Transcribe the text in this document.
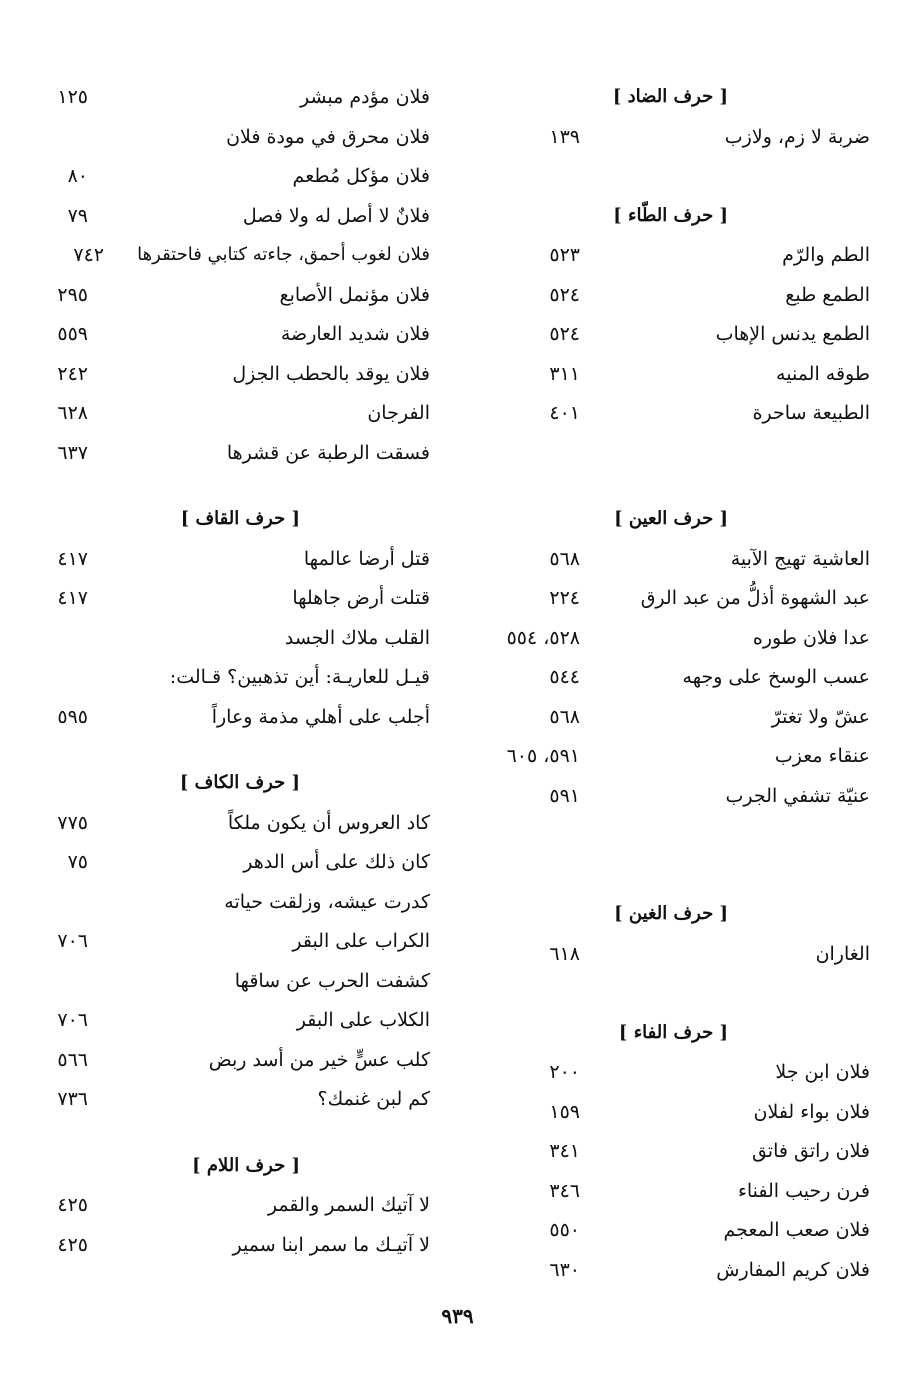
[ حرف الضاد ]
ضربة لا زم، ولازب
١٣٩
[ حرف الطّاء ]
الطم والرّم
٥٢٣
الطمع طبع
٥٢٤
الطمع يدنس الإهاب
٥٢٤
طوقه المنيه
٣١١
الطبيعة ساحرة
٤٠١
[ حرف العين ]
العاشية تهيج الآبية
٥٦٨
عبد الشهوة أذلُّ من عبد الرق
٢٢٤
عدا فلان طوره
٥٢٨، ٥٥٤
عسب الوسخ على وجهه
٥٤٤
عشّ ولا تغترّ
٥٦٨
عنقاء معزب
٥٩١، ٦٠٥
عنيّة تشفي الجرب
٥٩١
[ حرف الغين ]
الغاران
٦١٨
[ حرف الفاء ]
فلان ابن جلا
٢٠٠
فلان بواء لفلان
١٥٩
فلان راتق فاتق
٣٤١
فرن رحيب الفناء
٣٤٦
فلان صعب المعجم
٥٥٠
فلان كريم المفارش
٦٣٠
فلان مؤدم مبشر
١٢٥
فلان محرق في مودة فلان
فلان مؤكل مُطعم
٨٠
فلانٌ لا أصل له ولا فصل
٧٩
فلان لغوب أحمق، جاءته كتابي فاحتقرها
٧٤٢
فلان مؤنمل الأصابع
٢٩٥
فلان شديد العارضة
٥٥٩
فلان يوقد بالحطب الجزل
٢٤٢
الفرجان
٦٢٨
فسقت الرطبة عن قشرها
٦٣٧
[ حرف القاف ]
قتل أرضا عالمها
٤١٧
قتلت أرض جاهلها
٤١٧
القلب ملاك الجسد
قيـل للعاريـة: أين تذهبين؟ قـالت:
أجلب على أهلي مذمة وعاراً
٥٩٥
[ حرف الكاف ]
كاد العروس أن يكون ملكاً
٧٧٥
كان ذلك على أس الدهر
٧٥
كدرت عيشه، وزلقت حياته
الكراب على البقر
٧٠٦
كشفت الحرب عن ساقها
الكلاب على البقر
٧٠٦
كلب عسٍّ خير من أسد ربض
٥٦٦
كم لبن غنمك؟
٧٣٦
[ حرف اللام ]
لا آتيك السمر والقمر
٤٢٥
لا آتيـك ما سمر ابنا سمير
٤٢٥
٩٣٩
